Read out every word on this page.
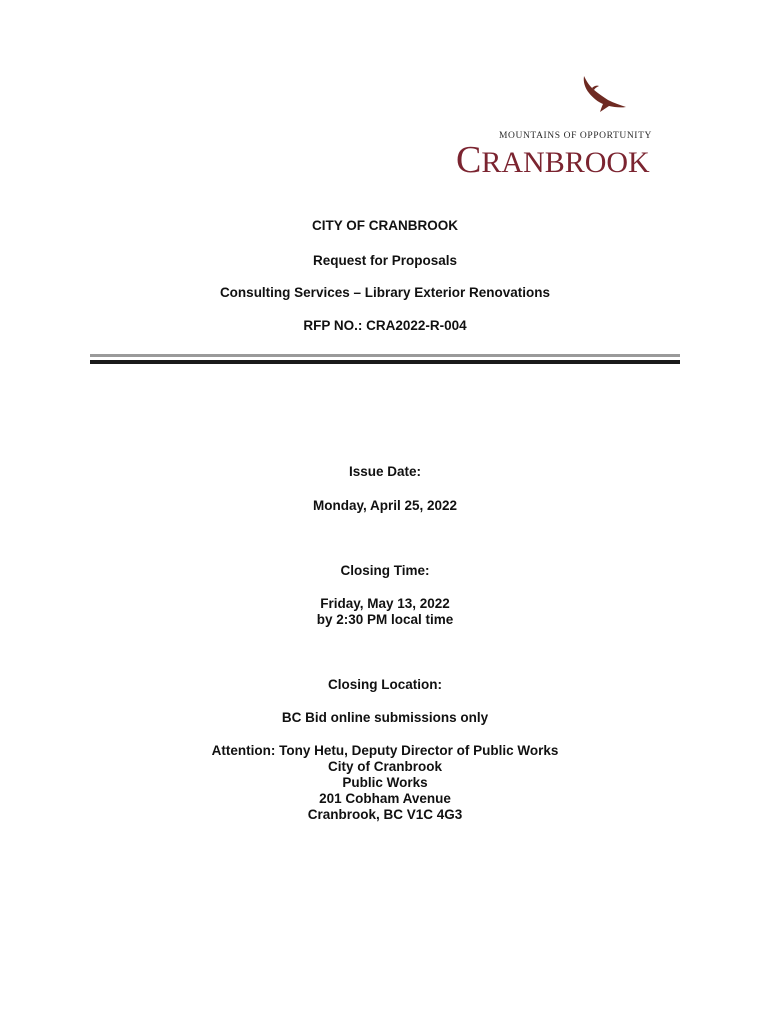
MOUNTAINS OF OPPORTUNITY
CRANBROOK
CITY OF CRANBROOK
Request for Proposals
Consulting Services – Library Exterior Renovations
RFP NO.: CRA2022-R-004
Issue Date:
Monday, April 25, 2022
Closing Time:
Friday, May 13, 2022
by 2:30 PM local time
Closing Location:
BC Bid online submissions only
Attention: Tony Hetu, Deputy Director of Public Works
City of Cranbrook
Public Works
201 Cobham Avenue
Cranbrook, BC V1C 4G3
